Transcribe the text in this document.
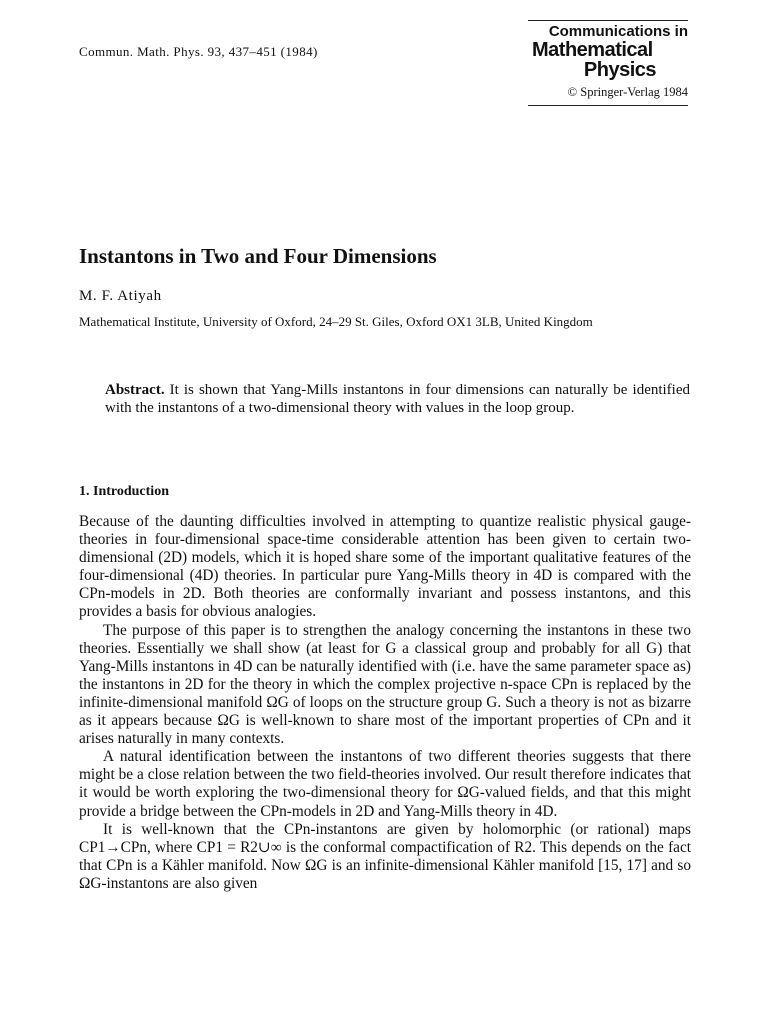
Commun. Math. Phys. 93, 437–451 (1984)
Communications in
Mathematical
Physics
© Springer-Verlag 1984
Instantons in Two and Four Dimensions
M. F. Atiyah
Mathematical Institute, University of Oxford, 24–29 St. Giles, Oxford OX1 3LB, United Kingdom
Abstract. It is shown that Yang-Mills instantons in four dimensions can naturally be identified with the instantons of a two-dimensional theory with values in the loop group.
1. Introduction

Because of the daunting difficulties involved in attempting to quantize realistic physical gauge-theories in four-dimensional space-time considerable attention has been given to certain two-dimensional (2D) models, which it is hoped share some of the important qualitative features of the four-dimensional (4D) theories. In particular pure Yang-Mills theory in 4D is compared with the CPn-models in 2D. Both theories are conformally invariant and possess instantons, and this provides a basis for obvious analogies.

The purpose of this paper is to strengthen the analogy concerning the instantons in these two theories. Essentially we shall show (at least for G a classical group and probably for all G) that Yang-Mills instantons in 4D can be naturally identified with (i.e. have the same parameter space as) the instantons in 2D for the theory in which the complex projective n-space CPn is replaced by the infinite-dimensional manifold ΩG of loops on the structure group G. Such a theory is not as bizarre as it appears because ΩG is well-known to share most of the important properties of CPn and it arises naturally in many contexts.

A natural identification between the instantons of two different theories suggests that there might be a close relation between the two field-theories involved. Our result therefore indicates that it would be worth exploring the two-dimensional theory for ΩG-valued fields, and that this might provide a bridge between the CPn-models in 2D and Yang-Mills theory in 4D.

It is well-known that the CPn-instantons are given by holomorphic (or rational) maps CP1→CPn, where CP1 = R2∪∞ is the conformal compactification of R2. This depends on the fact that CPn is a Kähler manifold. Now ΩG is an infinite-dimensional Kähler manifold [15, 17] and so ΩG-instantons are also given
